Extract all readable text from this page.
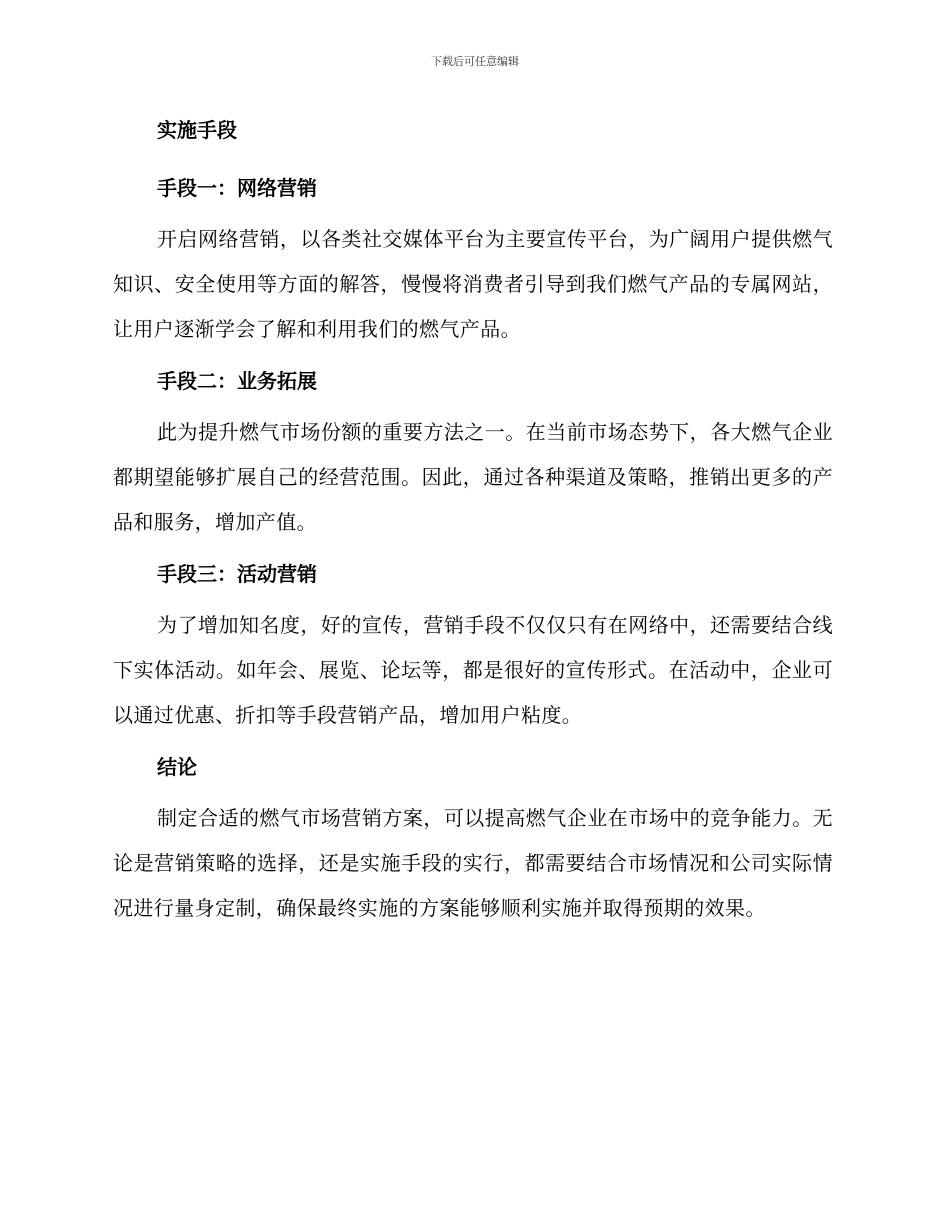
下载后可任意编辑
实施手段
手段一：网络营销

开启网络营销，以各类社交媒体平台为主要宣传平台，为广阔用户提供燃气知识、安全使用等方面的解答，慢慢将消费者引导到我们燃气产品的专属网站，让用户逐渐学会了解和利用我们的燃气产品。

手段二：业务拓展

此为提升燃气市场份额的重要方法之一。在当前市场态势下，各大燃气企业都期望能够扩展自己的经营范围。因此，通过各种渠道及策略，推销出更多的产品和服务，增加产值。

手段三：活动营销

为了增加知名度，好的宣传，营销手段不仅仅只有在网络中，还需要结合线下实体活动。如年会、展览、论坛等，都是很好的宣传形式。在活动中，企业可以通过优惠、折扣等手段营销产品，增加用户粘度。

结论

制定合适的燃气市场营销方案，可以提高燃气企业在市场中的竞争能力。无论是营销策略的选择，还是实施手段的实行，都需要结合市场情况和公司实际情况进行量身定制，确保最终实施的方案能够顺利实施并取得预期的效果。
